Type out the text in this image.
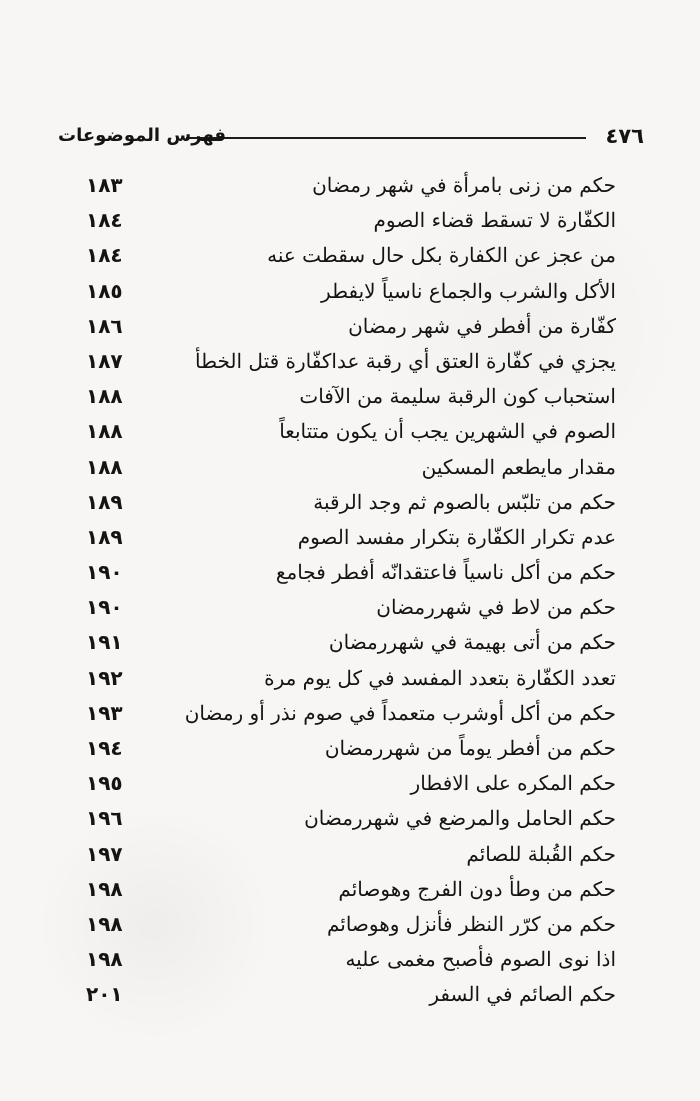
٤٧٦
فهرس الموضوعات
حكم من زنى بامرأة في شهر رمضان
١٨٣
الكفّارة لا تسقط قضاء الصوم
١٨٤
من عجز عن الكفارة بكل حال سقطت عنه
١٨٤
الأكل والشرب والجماع ناسياً لايفطر
١٨٥
كفّارة من أفطر في شهر رمضان
١٨٦
يجزي في كفّارة العتق أي رقبة عداكفّارة قتل الخطأ
١٨٧
استحباب كون الرقبة سليمة من الآفات
١٨٨
الصوم في الشهرين يجب أن يكون متتابعاً
١٨٨
مقدار مايطعم المسكين
١٨٨
حكم من تلبّس بالصوم ثم وجد الرقبة
١٨٩
عدم تكرار الكفّارة بتكرار مفسد الصوم
١٨٩
حكم من أكل ناسياً فاعتقدانّه أفطر فجامع
١٩٠
حكم من لاط في شهررمضان
١٩٠
حكم من أتى بهيمة في شهررمضان
١٩١
تعدد الكفّارة بتعدد المفسد في كل يوم مرة
١٩٢
حكم من أكل أوشرب متعمداً في صوم نذر أو رمضان
١٩٣
حكم من أفطر يوماً من شهررمضان
١٩٤
حكم المكره على الافطار
١٩٥
حكم الحامل والمرضع في شهررمضان
١٩٦
حكم القُبلة للصائم
١٩٧
حكم من وطأ دون الفرج وهوصائم
١٩٨
حكم من كرّر النظر فأنزل وهوصائم
١٩٨
اذا نوى الصوم فأصبح مغمى عليه
١٩٨
حكم الصائم في السفر
٢٠١
